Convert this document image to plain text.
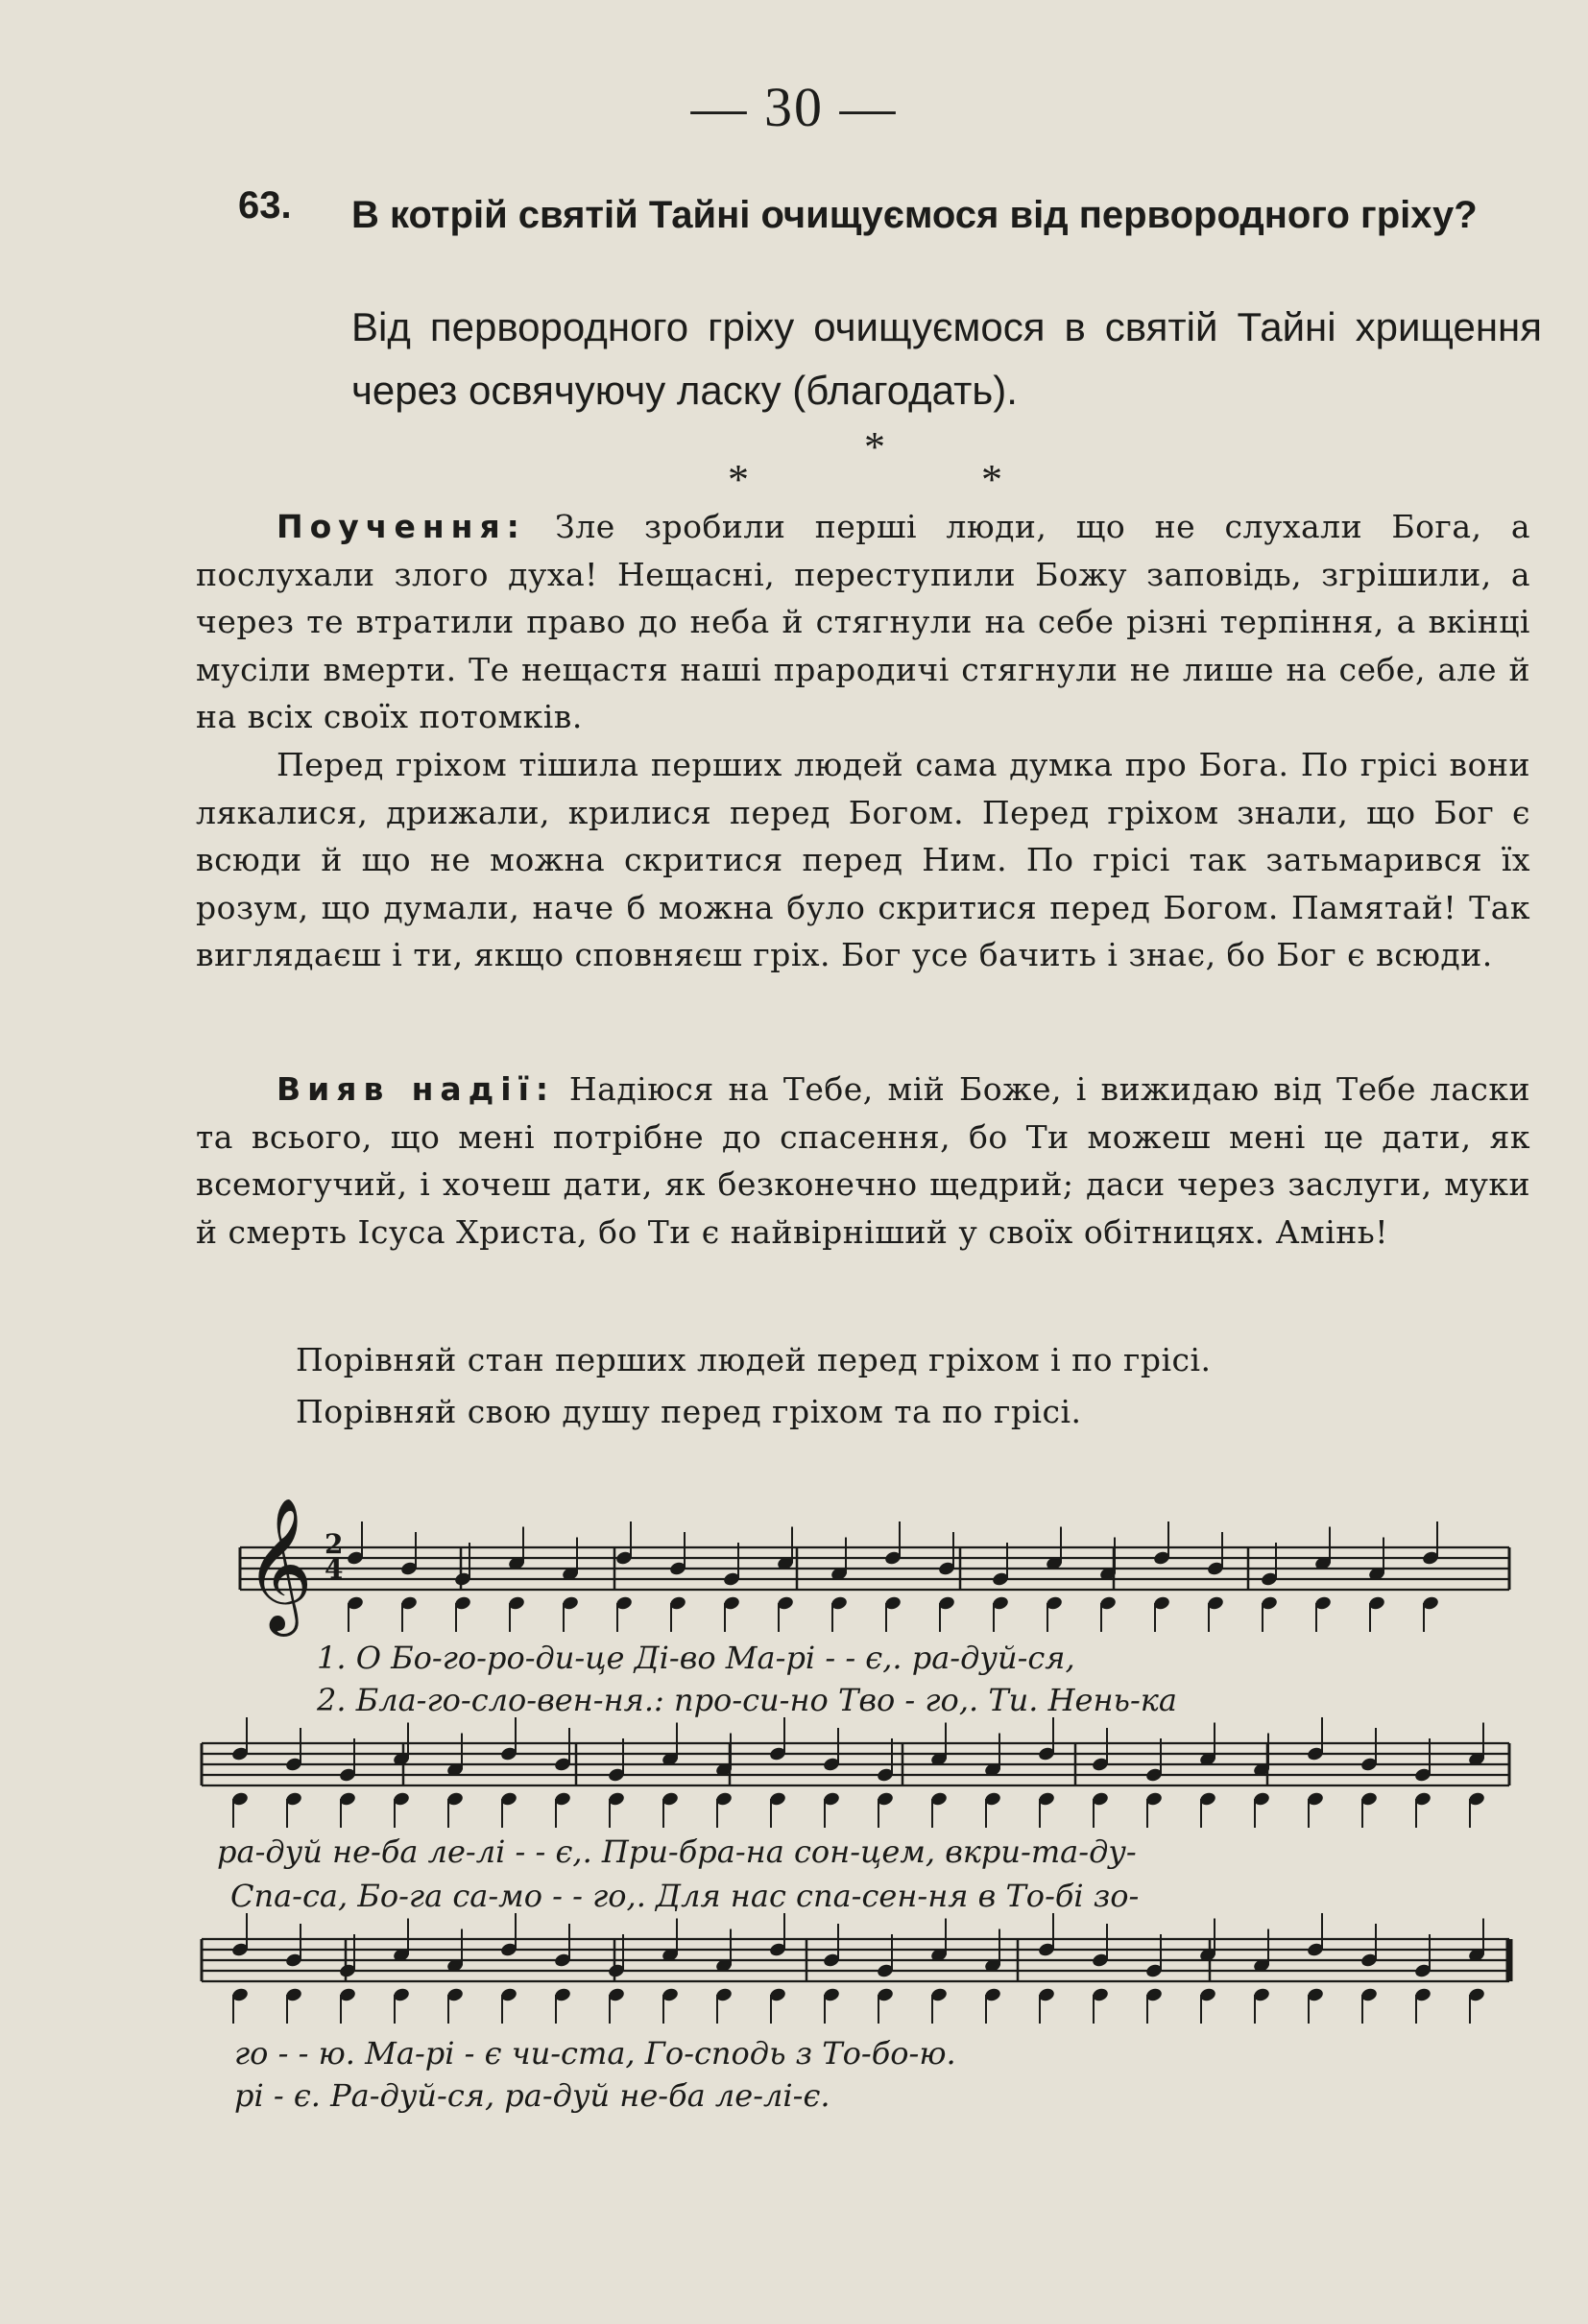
— 30 —
63. В котрій святій Тайні очищуємося від первородного гріху?
Від первородного гріху очищуємося в святій Тайні хрищення через освячуючу ласку (благодать).
*
*	*
Поучення: Зле зробили перші люди, що не слухали Бога, а послухали злого духа! Нещасні, переступили Божу заповідь, згрішили, а через те втратили право до неба й стягнули на себе різні терпіння, а вкінці мусіли вмерти. Те нещастя наші прародичі стягнули не лише на себе, але й на всіх своїх потомків.
Перед гріхом тішила перших людей сама думка про Бога. По грісі вони лякалися, дрижали, крилися перед Богом. Перед гріхом знали, що Бог є всюди й що не можна скритися перед Ним. По грісі так затьмарився їх розум, що думали, наче б можна було скритися перед Богом. Памятай! Так виглядаєш і ти, якщо сповняєш гріх. Бог усе бачить і знає, бо Бог є всюди.
Вияв надії: Надіюся на Тебе, мій Боже, і вижидаю від Тебе ласки та всього, що мені потрібне до спасення, бо Ти можеш мені це дати, як всемогучий, і хочеш дати, як безконечно щедрий; даси через заслуги, муки й смерть Ісуса Христа, бо Ти є найвірніший у своїх обітницях. Амінь!
Порівняй стан перших людей перед гріхом і по грісі.
Порівняй свою душу перед гріхом та по грісі.
𝄞 2
4
1. О Бо-го-ро-ди-це Ді-во Ма-рі - - є,. ра-дуй-ся,
2. Бла-го-сло-вен-ня.: про-си-но Тво - го,. Ти. Нень-ка
ра-дуй не-ба ле-лі - - є,. При-бра-на сон-цем, вкри-та-ду-
Спа-са, Бо-га са-мо - - го,. Для нас спа-сен-ня в То-бі зо-
го - - ю. Ма-рі - є чи-ста, Го-сподь з То-бо-ю.
рі - є. Ра-дуй-ся, ра-дуй не-ба ле-лі-є.
